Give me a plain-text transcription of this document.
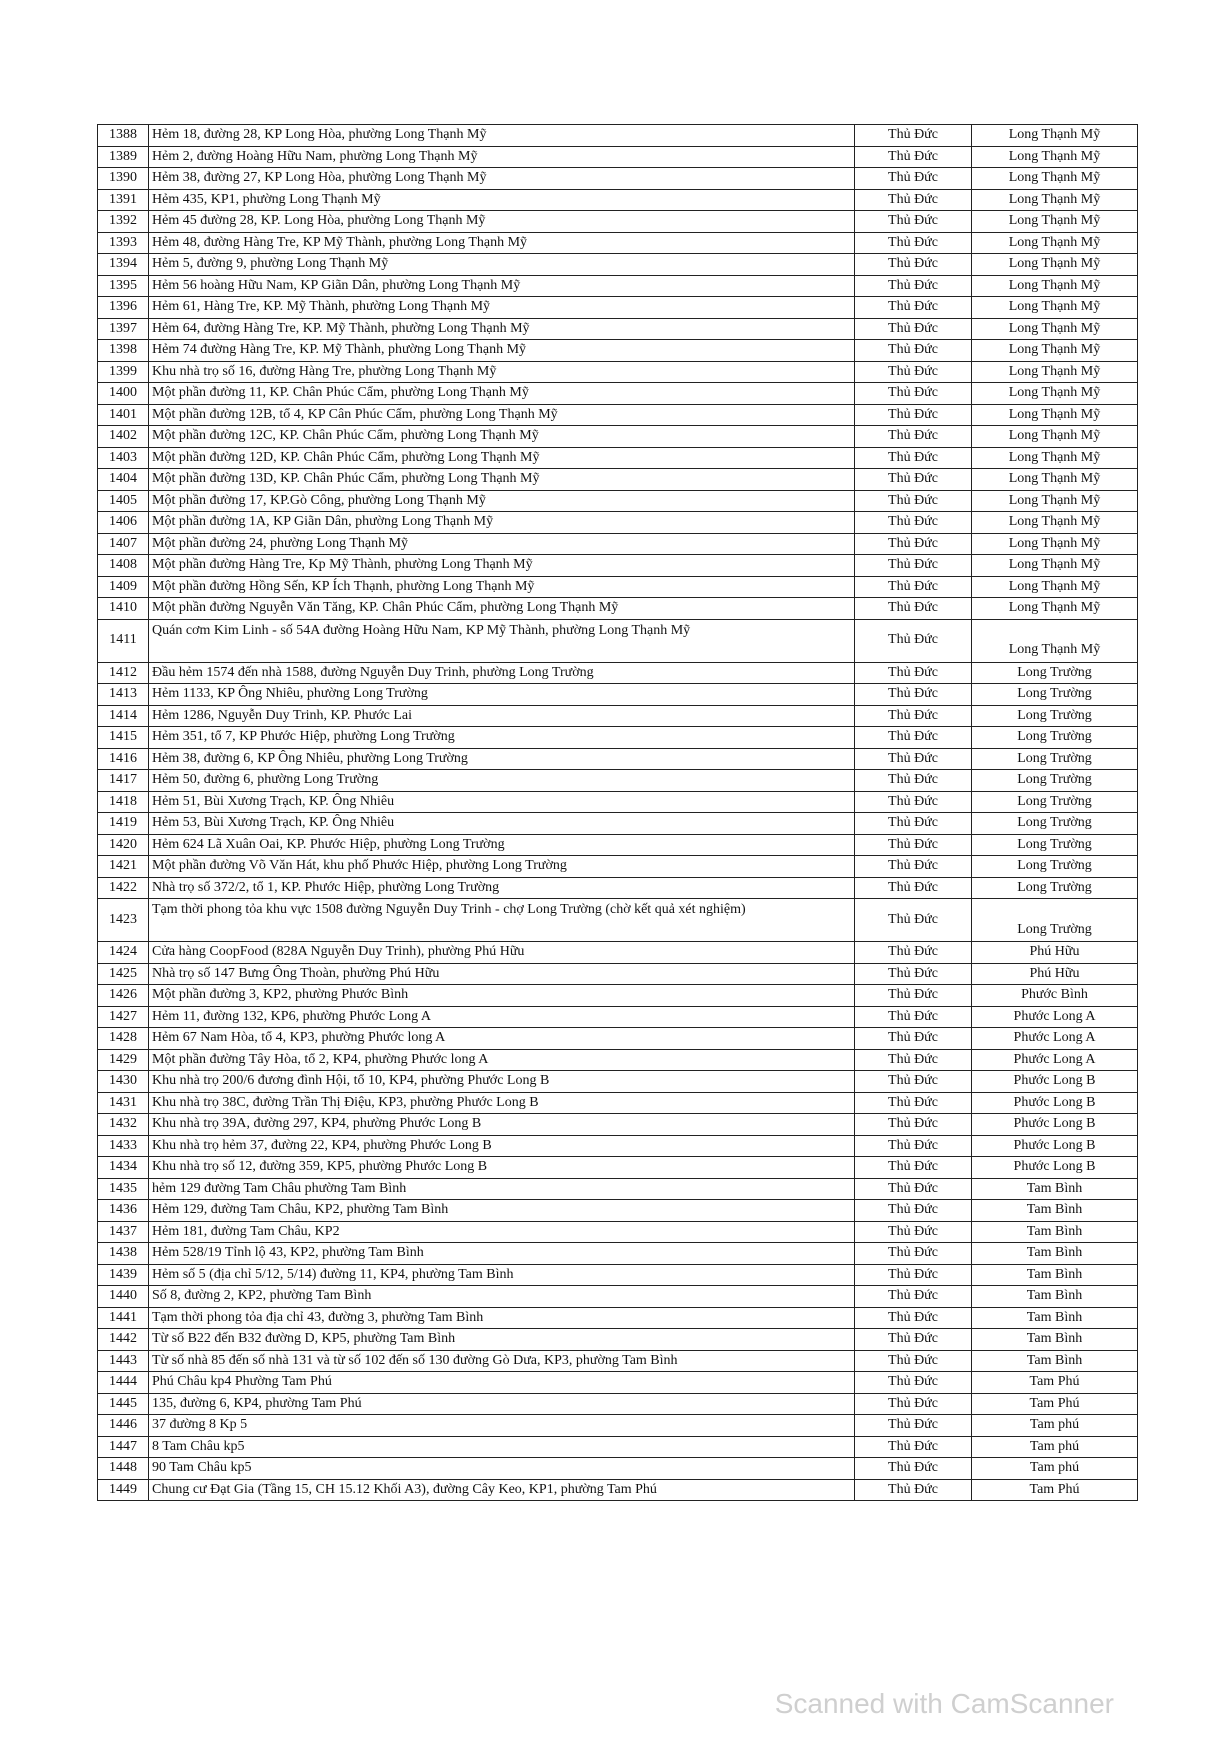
1388	Hẻm 18, đường 28, KP Long Hòa, phường Long Thạnh Mỹ	Thủ Đức	Long Thạnh Mỹ
1389	Hẻm 2, đường Hoàng Hữu Nam, phường Long Thạnh Mỹ	Thủ Đức	Long Thạnh Mỹ
1390	Hẻm 38, đường 27, KP Long Hòa, phường Long Thạnh Mỹ	Thủ Đức	Long Thạnh Mỹ
1391	Hẻm 435, KP1, phường Long Thạnh Mỹ	Thủ Đức	Long Thạnh Mỹ
1392	Hẻm 45 đường 28, KP. Long Hòa, phường Long Thạnh Mỹ	Thủ Đức	Long Thạnh Mỹ
1393	Hẻm 48, đường Hàng Tre, KP Mỹ Thành, phường Long Thạnh Mỹ	Thủ Đức	Long Thạnh Mỹ
1394	Hẻm 5, đường 9, phường Long Thạnh Mỹ	Thủ Đức	Long Thạnh Mỹ
1395	Hẻm 56 hoàng Hữu Nam, KP Giãn Dân, phường Long Thạnh Mỹ	Thủ Đức	Long Thạnh Mỹ
1396	Hẻm 61, Hàng Tre, KP. Mỹ Thành, phường Long Thạnh Mỹ	Thủ Đức	Long Thạnh Mỹ
1397	Hẻm 64, đường Hàng Tre, KP. Mỹ Thành, phường Long Thạnh Mỹ	Thủ Đức	Long Thạnh Mỹ
1398	Hẻm 74 đường Hàng Tre, KP. Mỹ Thành, phường Long Thạnh Mỹ	Thủ Đức	Long Thạnh Mỹ
1399	Khu nhà trọ số 16, đường Hàng Tre, phường Long Thạnh Mỹ	Thủ Đức	Long Thạnh Mỹ
1400	Một phần đường 11, KP. Chân Phúc Cẩm, phường Long Thạnh Mỹ	Thủ Đức	Long Thạnh Mỹ
1401	Một phần đường 12B, tổ 4, KP Cân Phúc Cẩm, phường Long Thạnh Mỹ	Thủ Đức	Long Thạnh Mỹ
1402	Một phần đường 12C, KP. Chân Phúc Cẩm, phường Long Thạnh Mỹ	Thủ Đức	Long Thạnh Mỹ
1403	Một phần đường 12D, KP. Chân Phúc Cẩm, phường Long Thạnh Mỹ	Thủ Đức	Long Thạnh Mỹ
1404	Một phần đường 13D, KP. Chân Phúc Cẩm, phường Long Thạnh Mỹ	Thủ Đức	Long Thạnh Mỹ
1405	Một phần đường 17, KP.Gò Công, phường Long Thạnh Mỹ	Thủ Đức	Long Thạnh Mỹ
1406	Một phần đường 1A, KP Giãn Dân, phường Long Thạnh Mỹ	Thủ Đức	Long Thạnh Mỹ
1407	Một phần đường 24, phường Long Thạnh Mỹ	Thủ Đức	Long Thạnh Mỹ
1408	Một phần đường Hàng Tre, Kp Mỹ Thành, phường Long Thạnh Mỹ	Thủ Đức	Long Thạnh Mỹ
1409	Một phần đường Hồng Sến, KP Ích Thạnh, phường Long Thạnh Mỹ	Thủ Đức	Long Thạnh Mỹ
1410	Một phần đường Nguyễn Văn Tăng, KP. Chân Phúc Cẩm, phường Long Thạnh Mỹ	Thủ Đức	Long Thạnh Mỹ
1411	Quán cơm Kim Linh - số 54A đường Hoàng Hữu Nam, KP Mỹ Thành, phường Long Thạnh Mỹ	Thủ Đức	Long Thạnh Mỹ
1412	Đầu hẻm 1574 đến nhà 1588, đường Nguyễn Duy Trinh, phường Long Trường	Thủ Đức	Long Trường
1413	Hẻm 1133, KP Ông Nhiêu, phường Long Trường	Thủ Đức	Long Trường
1414	Hẻm 1286, Nguyễn Duy Trinh, KP. Phước Lai	Thủ Đức	Long Trường
1415	Hẻm 351, tổ 7, KP Phước Hiệp, phường Long Trường	Thủ Đức	Long Trường
1416	Hẻm 38, đường 6, KP Ông Nhiêu, phường Long Trường	Thủ Đức	Long Trường
1417	Hẻm 50, đường 6, phường Long Trường	Thủ Đức	Long Trường
1418	Hẻm 51, Bùi Xương Trạch, KP. Ông Nhiêu	Thủ Đức	Long Trường
1419	Hẻm 53, Bùi Xương Trạch, KP. Ông Nhiêu	Thủ Đức	Long Trường
1420	Hẻm 624 Lã Xuân Oai, KP. Phước Hiệp, phường Long Trường	Thủ Đức	Long Trường
1421	Một phần đường Võ Văn Hát, khu phố Phước Hiệp, phường Long Trường	Thủ Đức	Long Trường
1422	Nhà trọ số 372/2, tổ 1, KP. Phước Hiệp, phường Long Trường	Thủ Đức	Long Trường
1423	Tạm thời phong tỏa khu vực 1508 đường Nguyễn Duy Trinh - chợ Long Trường (chờ kết quả xét nghiệm)	Thủ Đức	Long Trường
1424	Cửa hàng CoopFood (828A Nguyễn Duy Trinh), phường Phú Hữu	Thủ Đức	Phú Hữu
1425	Nhà trọ số 147 Bưng Ông Thoàn, phường Phú Hữu	Thủ Đức	Phú Hữu
1426	Một phần đường 3, KP2, phường Phước Bình	Thủ Đức	Phước Bình
1427	Hẻm 11, đường 132, KP6, phường Phước Long A	Thủ Đức	Phước Long A
1428	Hẻm 67 Nam Hòa, tổ 4, KP3, phường Phước long A	Thủ Đức	Phước Long A
1429	Một phần đường Tây Hòa, tổ 2, KP4, phường Phước long A	Thủ Đức	Phước Long A
1430	Khu nhà trọ 200/6 đương đình Hội, tổ 10, KP4, phường Phước Long B	Thủ Đức	Phước Long B
1431	Khu nhà trọ 38C, đường Trần Thị Điệu, KP3, phường Phước Long B	Thủ Đức	Phước Long B
1432	Khu nhà trọ 39A, đường 297, KP4, phường Phước Long B	Thủ Đức	Phước Long B
1433	Khu nhà trọ hẻm 37, đường 22, KP4, phường Phước Long B	Thủ Đức	Phước Long B
1434	Khu nhà trọ số 12, đường 359, KP5, phường Phước Long B	Thủ Đức	Phước Long B
1435	hẻm 129 đường Tam Châu phường Tam Bình	Thủ Đức	Tam Bình
1436	Hẻm 129, đường Tam Châu, KP2, phường Tam Bình	Thủ Đức	Tam Bình
1437	Hẻm 181, đường Tam Châu, KP2	Thủ Đức	Tam Bình
1438	Hẻm 528/19 Tỉnh lộ 43, KP2, phường Tam Bình	Thủ Đức	Tam Bình
1439	Hẻm số 5 (địa chỉ 5/12, 5/14) đường 11, KP4, phường Tam Bình	Thủ Đức	Tam Bình
1440	Số 8, đường 2, KP2, phường Tam Bình	Thủ Đức	Tam Bình
1441	Tạm thời phong tỏa địa chỉ 43, đường 3, phường Tam Bình	Thủ Đức	Tam Bình
1442	Từ số B22 đến B32 đường D, KP5, phường Tam Bình	Thủ Đức	Tam Bình
1443	Từ số nhà 85 đến số nhà 131 và từ số 102 đến số 130 đường Gò Dưa, KP3, phường Tam Bình	Thủ Đức	Tam Bình
1444	Phú Châu kp4 Phường Tam Phú	Thủ Đức	Tam Phú
1445	135, đường 6, KP4, phường Tam Phú	Thủ Đức	Tam Phú
1446	37 đường 8 Kp 5	Thủ Đức	Tam phú
1447	8 Tam Châu kp5	Thủ Đức	Tam phú
1448	90 Tam Châu kp5	Thủ Đức	Tam phú
1449	Chung cư Đạt Gia (Tầng 15, CH 15.12 Khối A3), đường Cây Keo, KP1, phường Tam Phú	Thủ Đức	Tam Phú
Scanned with CamScanner
